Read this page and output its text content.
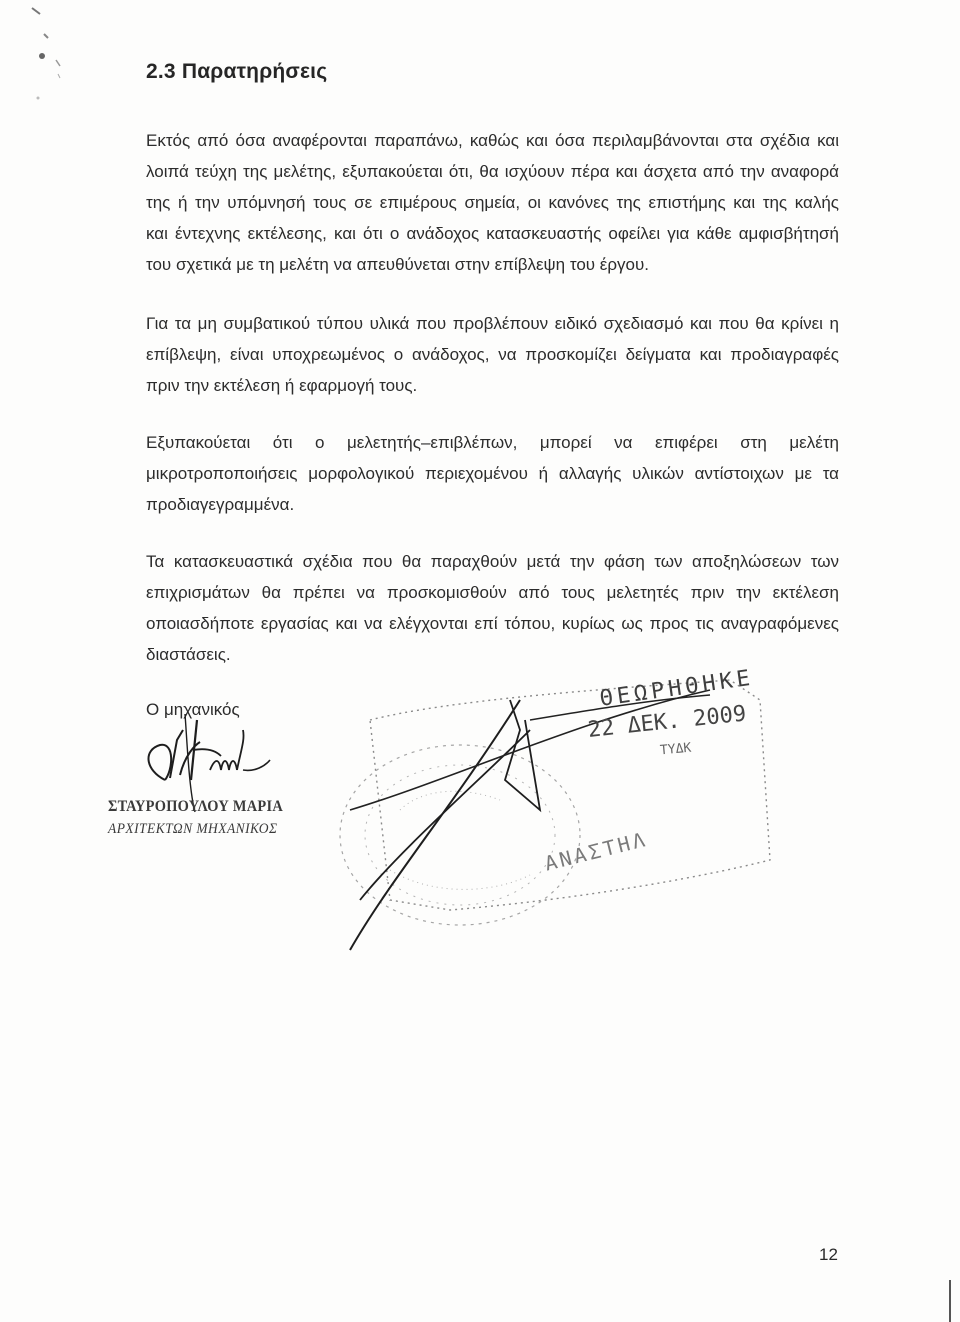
2.3 Παρατηρήσεις
Εκτός από όσα αναφέρονται παραπάνω, καθώς και όσα περιλαμβάνονται στα σχέδια και
λοιπά τεύχη της μελέτης, εξυπακούεται ότι, θα ισχύουν πέρα και άσχετα από την αναφορά
της ή την υπόμνησή τους σε επιμέρους σημεία, οι κανόνες της επιστήμης και της καλής
και έντεχνης εκτέλεσης, και ότι ο ανάδοχος κατασκευαστής οφείλει για κάθε αμφισβήτησή
του σχετικά με τη μελέτη να απευθύνεται στην επίβλεψη του έργου.
Για τα μη συμβατικού τύπου υλικά που προβλέπουν ειδικό σχεδιασμό και που θα κρίνει η
επίβλεψη, είναι υποχρεωμένος ο ανάδοχος, να προσκομίζει δείγματα και προδιαγραφές
πριν την εκτέλεση ή εφαρμογή τους.
Εξυπακούεται ότι ο μελετητής–επιβλέπων, μπορεί να επιφέρει στη μελέτη
μικροτροποποιήσεις μορφολογικού περιεχομένου ή αλλαγής υλικών αντίστοιχων με τα
προδιαγεγραμμένα.
Τα κατασκευαστικά σχέδια που θα παραχθούν μετά την φάση των αποξηλώσεων των
επιχρισμάτων θα πρέπει να προσκομισθούν από τους μελετητές πριν την εκτέλεση
οποιασδήποτε εργασίας και να ελέγχονται επί τόπου, κυρίως ως προς τις αναγραφόμενες
διαστάσεις.
Ο μηχανικός
ΣΤΑΥΡΟΠΟΥΛΟΥ ΜΑΡΙΑ
ΑΡΧΙΤΕΚΤΩΝ ΜΗΧΑΝΙΚΟΣ
ΘΕΩΡΗΘΗΚΕ
22 ΔΕΚ. 2009
ΤΥΔΚ
ΑΝΑΣΤΗΛ
12
